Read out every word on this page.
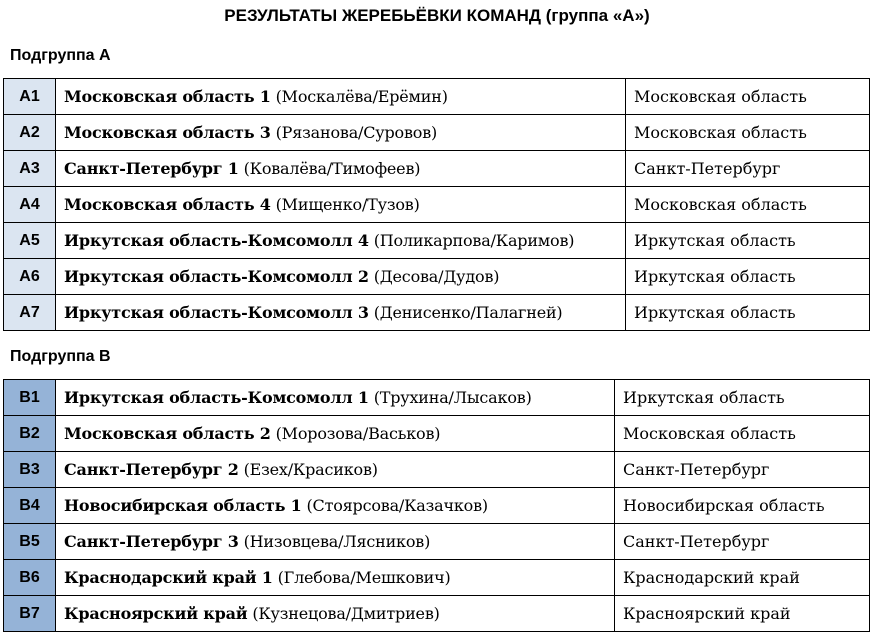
РЕЗУЛЬТАТЫ ЖЕРЕБЬЁВКИ КОМАНД (группа «А»)
Подгруппа А
А1	Московская область 1 (Москалёва/Ерёмин)	Московская область
А2	Московская область 3 (Рязанова/Суровов)	Московская область
А3	Санкт-Петербург 1 (Ковалёва/Тимофеев)	Санкт-Петербург
А4	Московская область 4 (Мищенко/Тузов)	Московская область
А5	Иркутская область-Комсомолл 4 (Поликарпова/Каримов)	Иркутская область
А6	Иркутская область-Комсомолл 2 (Десова/Дудов)	Иркутская область
А7	Иркутская область-Комсомолл 3 (Денисенко/Палагней)	Иркутская область
Подгруппа В
В1	Иркутская область-Комсомолл 1 (Трухина/Лысаков)	Иркутская область
В2	Московская область 2 (Морозова/Васьков)	Московская область
В3	Санкт-Петербург 2 (Езех/Красиков)	Санкт-Петербург
В4	Новосибирская область 1 (Стоярсова/Казачков)	Новосибирская область
В5	Санкт-Петербург 3 (Низовцева/Лясников)	Санкт-Петербург
В6	Краснодарский край 1 (Глебова/Мешкович)	Краснодарский край
В7	Красноярский край (Кузнецова/Дмитриев)	Красноярский край
